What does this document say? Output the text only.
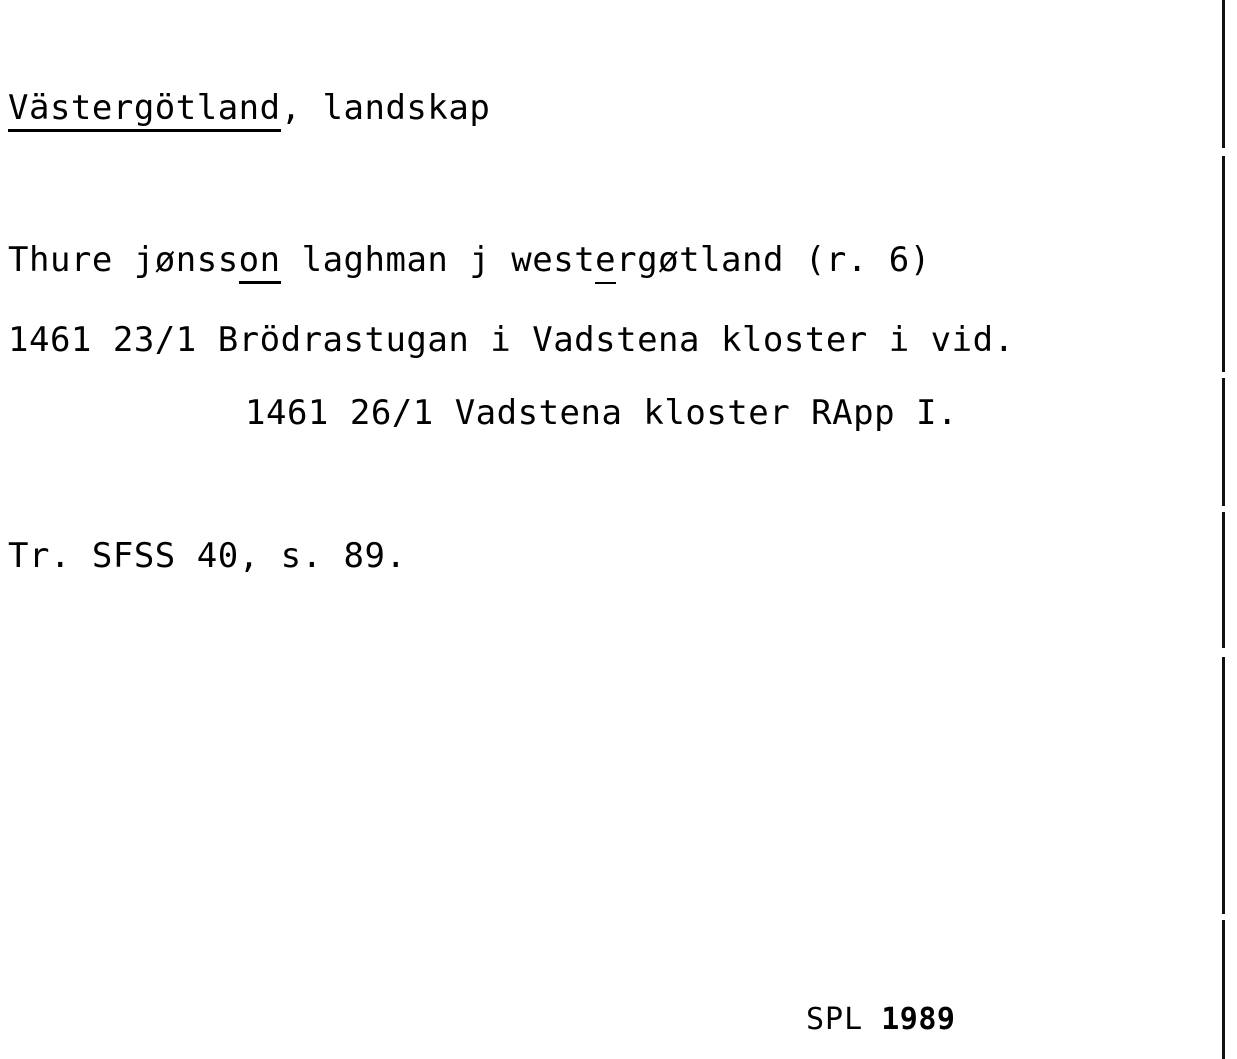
Västergötland, landskap
Thure jønsson laghman j westergøtland (r. 6)
1461 23/1 Brödrastugan i Vadstena kloster i vid.
1461 26/1 Vadstena kloster RApp I.
Tr. SFSS 40, s. 89.
SPL 1989
